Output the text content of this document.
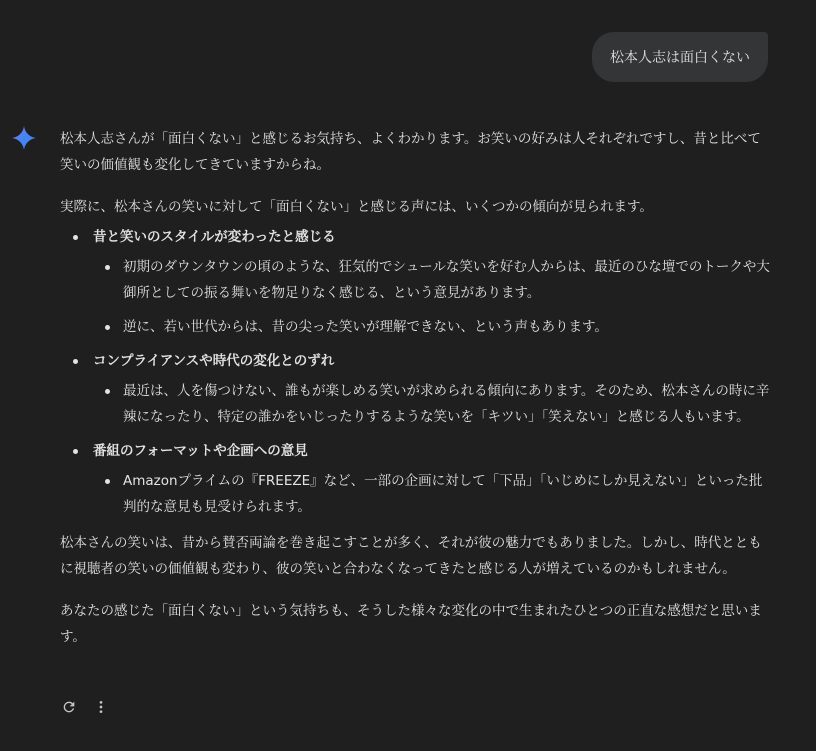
松本人志は面白くない

松本人志さんが「面白くない」と感じるお気持ち、よくわかります。お笑いの好みは人それぞれですし、昔と比べて笑いの価値観も変化してきていますからね。

実際に、松本さんの笑いに対して「面白くない」と感じる声には、いくつかの傾向が見られます。

昔と笑いのスタイルが変わったと感じる
初期のダウンタウンの頃のような、狂気的でシュールな笑いを好む人からは、最近のひな壇でのトークや大御所としての振る舞いを物足りなく感じる、という意見があります。
逆に、若い世代からは、昔の尖った笑いが理解できない、という声もあります。
コンプライアンスや時代の変化とのずれ
最近は、人を傷つけない、誰もが楽しめる笑いが求められる傾向にあります。そのため、松本さんの時に辛辣になったり、特定の誰かをいじったりするような笑いを「キツい」「笑えない」と感じる人もいます。
番組のフォーマットや企画への意見
Amazonプライムの『FREEZE』など、一部の企画に対して「下品」「いじめにしか見えない」といった批判的な意見も見受けられます。

松本さんの笑いは、昔から賛否両論を巻き起こすことが多く、それが彼の魅力でもありました。しかし、時代とともに視聴者の笑いの価値観も変わり、彼の笑いと合わなくなってきたと感じる人が増えているのかもしれません。

あなたの感じた「面白くない」という気持ちも、そうした様々な変化の中で生まれたひとつの正直な感想だと思います。
